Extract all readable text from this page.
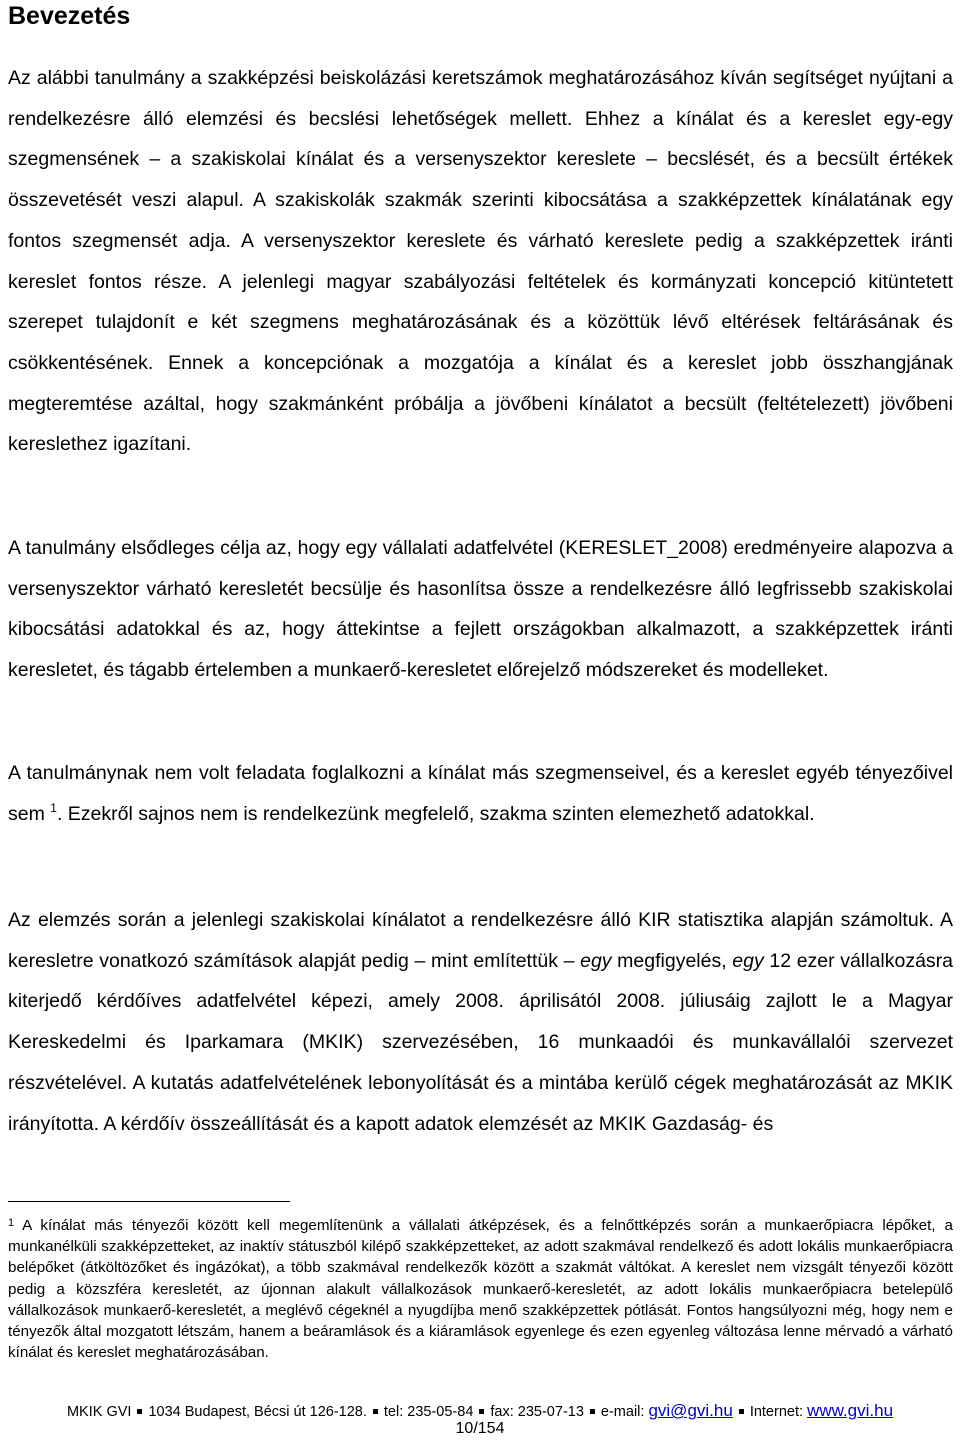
Bevezetés

Az alábbi tanulmány a szakképzési beiskolázási keretszámok meghatározásához kíván segítséget nyújtani a rendelkezésre álló elemzési és becslési lehetőségek mellett. Ehhez a kínálat és a kereslet egy-egy szegmensének – a szakiskolai kínálat és a versenyszektor kereslete – becslését, és a becsült értékek összevetését veszi alapul. A szakiskolák szakmák szerinti kibocsátása a szakképzettek kínálatának egy fontos szegmensét adja. A versenyszektor kereslete és várható kereslete pedig a szakképzettek iránti kereslet fontos része. A jelenlegi magyar szabályozási feltételek és kormányzati koncepció kitüntetett szerepet tulajdonít e két szegmens meghatározásának és a közöttük lévő eltérések feltárásának és csökkentésének. Ennek a koncepciónak a mozgatója a kínálat és a kereslet jobb összhangjának megteremtése azáltal, hogy szakmánként próbálja a jövőbeni kínálatot a becsült (feltételezett) jövőbeni kereslethez igazítani.

A tanulmány elsődleges célja az, hogy egy vállalati adatfelvétel (KERESLET_2008) eredményeire alapozva a versenyszektor várható keresletét becsülje és hasonlítsa össze a rendelkezésre álló legfrissebb szakiskolai kibocsátási adatokkal és az, hogy áttekintse a fejlett országokban alkalmazott, a szakképzettek iránti keresletet, és tágabb értelemben a munkaerő-keresletet előrejelző módszereket és modelleket.

A tanulmánynak nem volt feladata foglalkozni a kínálat más szegmenseivel, és a kereslet egyéb tényezőivel sem $^1$. Ezekről sajnos nem is rendelkezünk megfelelő, szakma szinten elemezhető adatokkal.

Az elemzés során a jelenlegi szakiskolai kínálatot a rendelkezésre álló KIR statisztika alapján számoltuk. A keresletre vonatkozó számítások alapját pedig – mint említettük – egy megfigyelés, egy 12 ezer vállalkozásra kiterjedő kérdőíves adatfelvétel képezi, amely 2008. áprilisától 2008. júliusáig zajlott le a Magyar Kereskedelmi és Iparkamara (MKIK) szervezésében, 16 munkaadói és munkavállalói szervezet részvételével. A kutatás adatfelvételének lebonyolítását és a mintába kerülő cégek meghatározását az MKIK irányította. A kérdőív összeállítását és a kapott adatok elemzését az MKIK Gazdaság- és

$^1$ A kínálat más tényezői között kell megemlítenünk a vállalati átképzések, és a felnőttképzés során a munkaerőpiacra lépőket, a munkanélküli szakképzetteket, az inaktív státuszból kilépő szakképzetteket, az adott szakmával rendelkező és adott lokális munkaerőpiacra belépőket (átköltözőket és ingázókat), a több szakmával rendelkezők között a szakmát váltókat. A kereslet nem vizsgált tényezői között pedig a közszféra keresletét, az újonnan alakult vállalkozások munkaerő-keresletét, az adott lokális munkaerőpiacra betelepülő vállalkozások munkaerő-keresletét, a meglévő cégeknél a nyugdíjba menő szakképzettek pótlását. Fontos hangsúlyozni még, hogy nem e tényezők által mozgatott létszám, hanem a beáramlások és a kiáramlások egyenlege és ezen egyenleg változása lenne mérvadó a várható kínálat és kereslet meghatározásában.

MKIK GVI 1034 Budapest, Bécsi út 126-128. tel: 235-05-84 fax: 235-07-13 e-mail: gvi@gvi.hu Internet: www.gvi.hu
10/154
